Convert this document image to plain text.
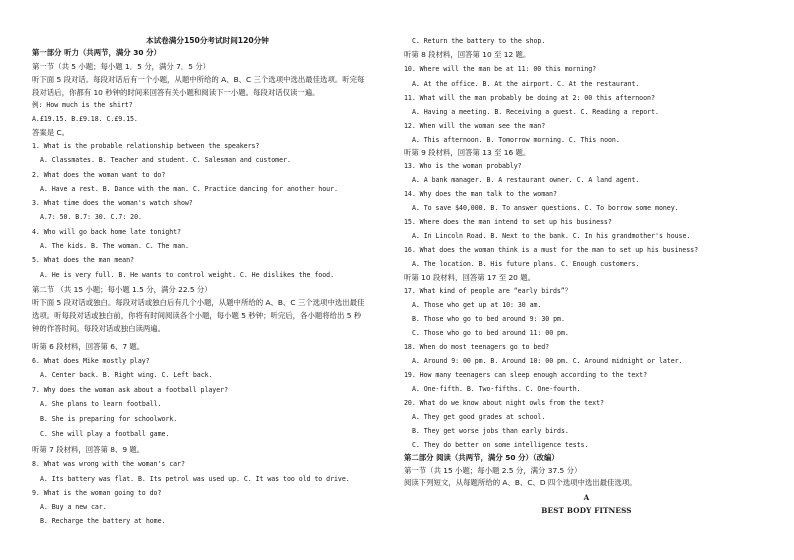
本试卷满分150分考试时间120分钟
第一部分 听力（共两节，满分 30 分）
第一节（共 5 小题；每小题 1．5 分，满分 7．5 分）
听下面 5 段对话。每段对话后有一个小题，从题中所给的 A、B、C 三个选项中选出最佳选项。听完每
段对话后，你都有 10 秒钟的时间来回答有关小题和阅读下一小题。每段对话仅读一遍。
例: How much is the shirt?
A.£19.15. B.£9.18. C.£9.15.
答案是 C。
1. What is the probable relationship between the speakers?
A. Classmates. B. Teacher and student. C. Salesman and customer.
2. What does the woman want to do?
A. Have a rest. B. Dance with the man. C. Practice dancing for another hour.
3. What time does the woman's watch show?
A.7: 50. B.7: 30. C.7: 20.
4. Who will go back home late tonight?
A. The kids. B. The woman. C. The man.
5. What does the man mean?
A. He is very full. B. He wants to control weight. C. He dislikes the food.
第二节 （共 15 小题；每小题 1.5 分，满分 22.5 分）
听下面 5 段对话或独白。每段对话或独白后有几个小题，从题中所给的 A、B、C 三个选项中选出最佳
选项。听每段对话或独白前，你将有时间阅读各个小题，每小题 5 秒钟；听完后，各小题将给出 5 秒
钟的作答时间。每段对话或独白读两遍。
听第 6 段材料，回答第 6、7 题。
6. What does Mike mostly play?
A. Center back. B. Right wing. C. Left back.
7. Why does the woman ask about a football player?
A. She plans to learn football.
B. She is preparing for schoolwork.
C. She will play a football game.
听第 7 段材料，回答第 8、9 题。
8. What was wrong with the woman's car?
A. Its battery was flat. B. Its petrol was used up. C. It was too old to drive.
9. What is the woman going to do?
A. Buy a new car.
B. Recharge the battery at home.
C. Return the battery to the shop.
听第 8 段材料，回答第 10 至 12 题。
10. Where will the man be at 11: 00 this morning?
A. At the office. B. At the airport. C. At the restaurant.
11. What will the man probably be doing at 2: 00 this afternoon?
A. Having a meeting. B. Receiving a guest. C. Reading a report.
12. When will the woman see the man?
A. This afternoon. B. Tomorrow morning. C. This noon.
听第 9 段材料，回答第 13 至 16 题。
13. Who is the woman probably?
A. A bank manager. B. A restaurant owner. C. A land agent.
14. Why does the man talk to the woman?
A. To save $40,000. B. To answer questions. C. To borrow some money.
15. Where does the man intend to set up his business?
A. In Lincoln Road. B. Next to the bank. C. In his grandmother's house.
16. What does the woman think is a must for the man to set up his business?
A. The location. B. His future plans. C. Enough customers.
听第 10 段材料，回答第 17 至 20 题。
17. What kind of people are “early birds”？
A. Those who get up at 10: 30 am.
B. Those who go to bed around 9: 30 pm.
C. Those who go to bed around 11: 00 pm.
18. When do most teenagers go to bed?
A. Around 9: 00 pm. B. Around 10: 00 pm. C. Around midnight or later.
19. How many teenagers can sleep enough according to the text?
A. One-fifth. B. Two-fifths. C. One-fourth.
20. What do we know about night owls from the text?
A. They get good grades at school.
B. They get worse jobs than early birds.
C. They do better on some intelligence tests.
第二部分 阅读（共两节，满分 50 分）（改编）
第一节（共 15 小题；每小题 2.5 分，满分 37.5 分）
阅读下列短文，从每题所给的 A、B、C、D 四个选项中选出最佳选项。
A
BEST BODY FITNESS
